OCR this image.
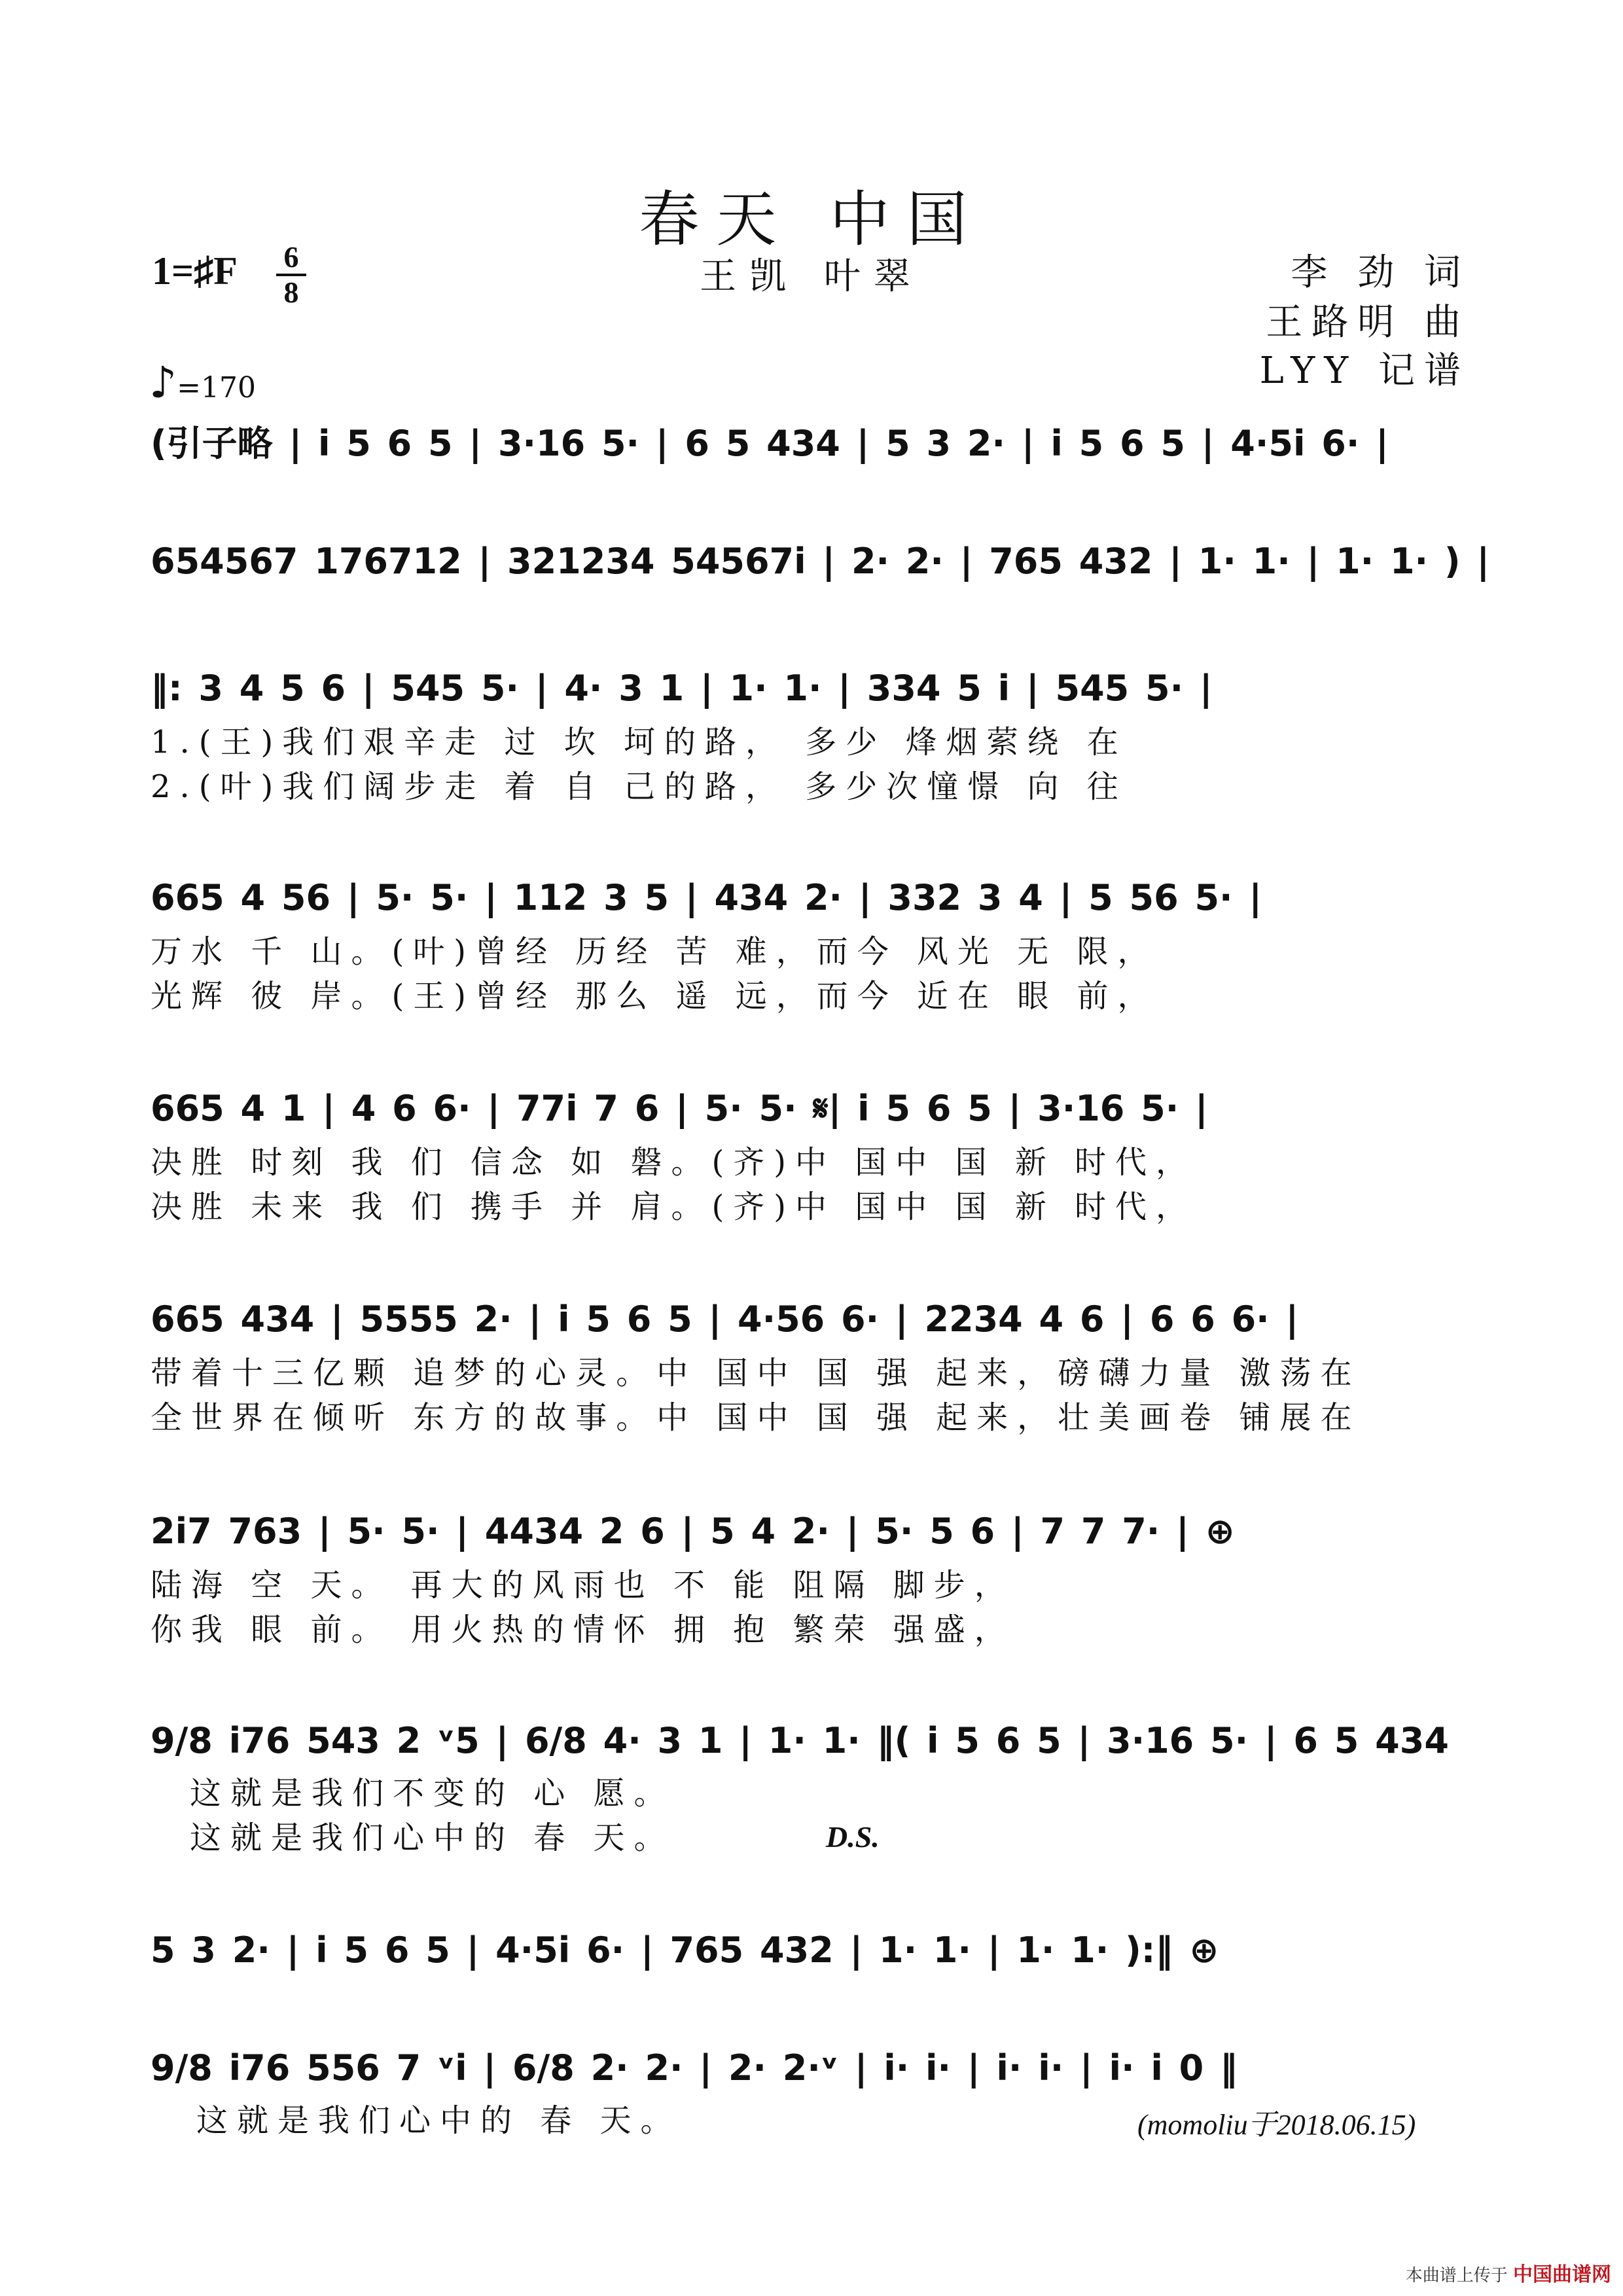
春天 中国
王凯 叶翠
1=♯F 6
8	李 劲 词
王路明 曲
LYY 记谱
♪=170
(引子略 | i 5 6 5 | 3·16 5· | 6 5 434 | 5 3 2· | i 5 6 5 | 4·5i 6· |
654567 176712 | 321234 54567i | 2· 2· | 765 432 | 1· 1· | 1· 1· ) |
‖: 3 4 5 6 | 545 5· | 4· 3 1 | 1· 1· | 334 5 i | 545 5· |
1.(王)我们艰辛走 过 坎 坷的路， 多少 烽烟萦绕 在
2.(叶)我们阔步走 着 自 己的路， 多少次憧憬 向 往
665 4 56 | 5· 5· | 112 3 5 | 434 2· | 332 3 4 | 5 56 5· |
万水 千 山。(叶)曾经 历经 苦 难，而今 风光 无 限，
光辉 彼 岸。(王)曾经 那么 遥 远，而今 近在 眼 前，
665 4 1 | 4 6 6· | 77i 7 6 | 5· 5· 𝄋| i 5 6 5 | 3·16 5· |
决胜 时刻 我 们 信念 如 磐。(齐)中 国中 国 新 时代，
决胜 未来 我 们 携手 并 肩。(齐)中 国中 国 新 时代，
665 434 | 5555 2· | i 5 6 5 | 4·56 6· | 2234 4 6 | 6 6 6· |
带着十三亿颗 追梦的心灵。中 国中 国 强 起来，磅礴力量 激荡在
全世界在倾听 东方的故事。中 国中 国 强 起来，壮美画卷 铺展在
2i7 763 | 5· 5· | 4434 2 6 | 5 4 2· | 5· 5 6 | 7 7 7· | ⊕
陆海 空 天。 再大的风雨也 不 能 阻隔 脚步，
你我 眼 前。 用火热的情怀 拥 抱 繁荣 强盛，
9/8 i76 543 2 ᵛ5 | 6/8 4· 3 1 | 1· 1· ‖( i 5 6 5 | 3·16 5· | 6 5 434
这就是我们不变的 心 愿。
这就是我们心中的 春 天。	D.S.
5 3 2· | i 5 6 5 | 4·5i 6· | 765 432 | 1· 1· | 1· 1· ):‖ ⊕
9/8 i76 556 7 ᵛi | 6/8 2· 2· | 2· 2·ᵛ | i· i· | i· i· | i· i 0 ‖
这就是我们心中的 春 天。	(momoliu于2018.06.15)
本曲谱上传于 中国曲谱网
